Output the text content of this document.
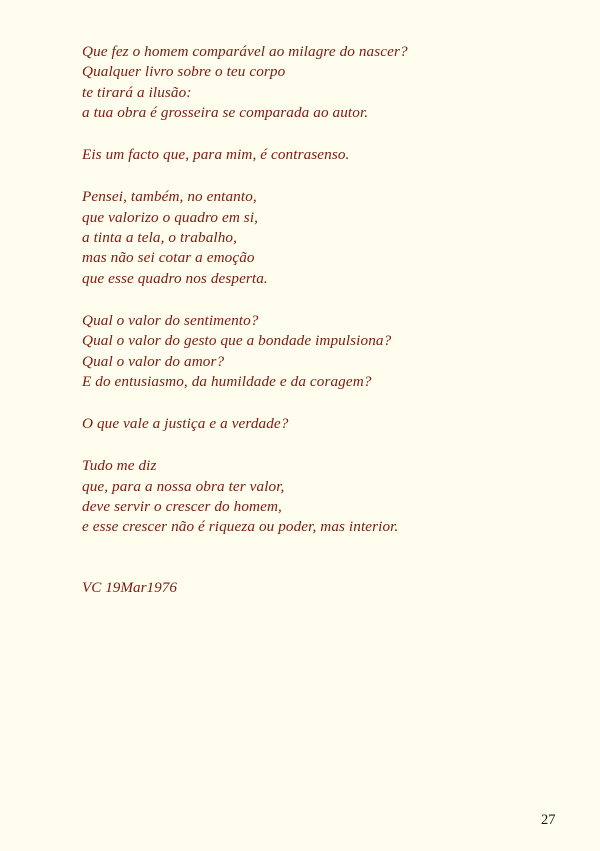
Que fez o homem comparável ao milagre do nascer?
Qualquer livro sobre o teu corpo
te tirará a ilusão:
a tua obra é grosseira se comparada ao autor.
Eis um facto que, para mim, é contrasenso.
Pensei, também, no entanto,
que valorizo o quadro em si,
a tinta a tela, o trabalho,
mas não sei cotar a emoção
que esse quadro nos desperta.
Qual o valor do sentimento?
Qual o valor do gesto que a bondade impulsiona?
Qual o valor do amor?
E do entusiasmo, da humildade e da coragem?
O que vale a justiça e a verdade?
Tudo me diz
que, para a nossa obra ter valor,
deve servir o crescer do homem,
e esse crescer não é riqueza ou poder, mas interior.
VC 19Mar1976
27
